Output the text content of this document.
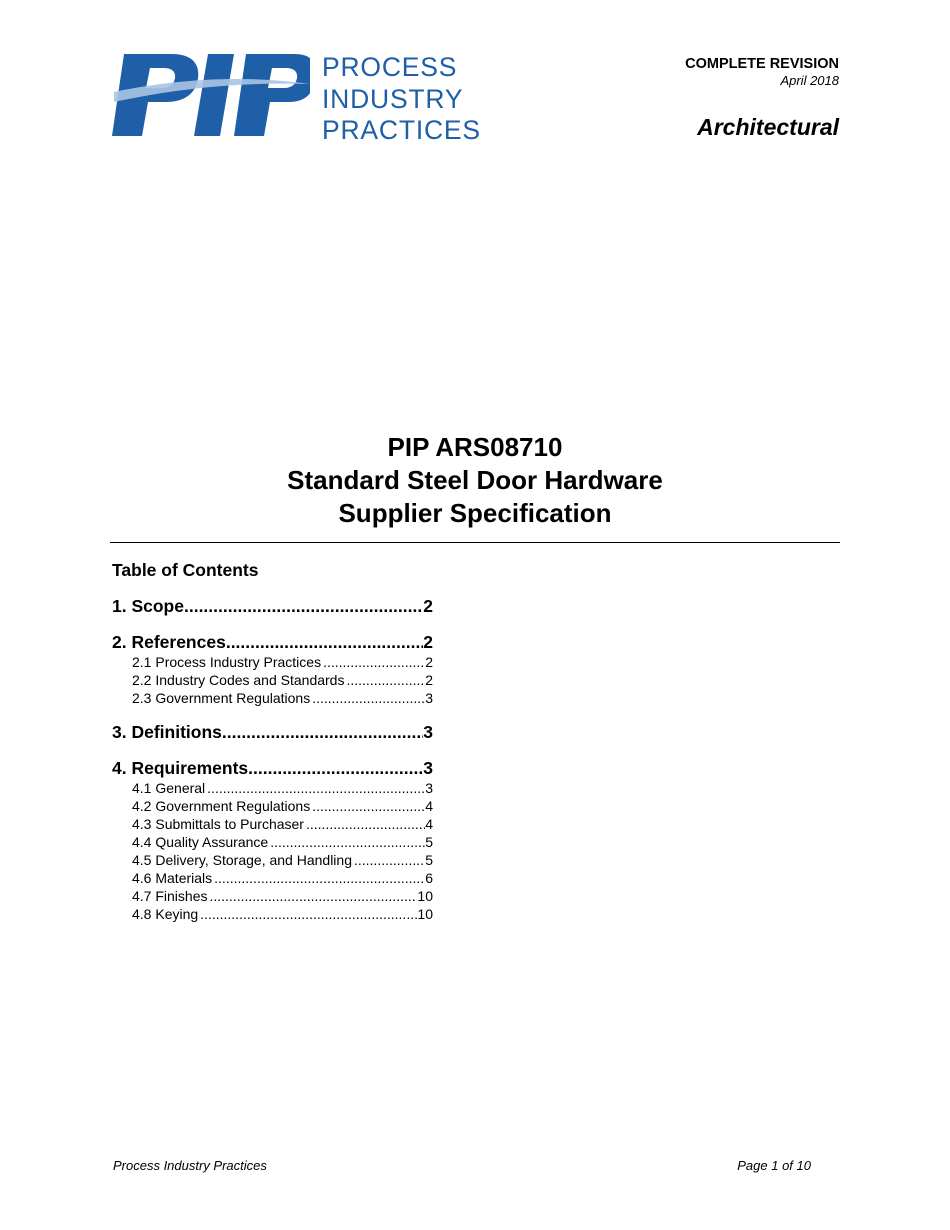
PROCESS
INDUSTRY
PRACTICES
COMPLETE REVISION
April 2018
Architectural
PIP ARS08710
Standard Steel Door Hardware
Supplier Specification
Table of Contents
1. Scope .....	2
2. References .....	2
2.1 Process Industry Practices .....	2
2.2 Industry Codes and Standards .....	2
2.3 Government Regulations .....	3
3. Definitions .....	3
4. Requirements .....	3
4.1 General .....	3
4.2 Government Regulations .....	4
4.3 Submittals to Purchaser .....	4
4.4 Quality Assurance .....	5
4.5 Delivery, Storage, and Handling .....	5
4.6 Materials .....	6
4.7 Finishes .....	10
4.8 Keying .....	10
Process Industry Practices	Page 1 of 10
